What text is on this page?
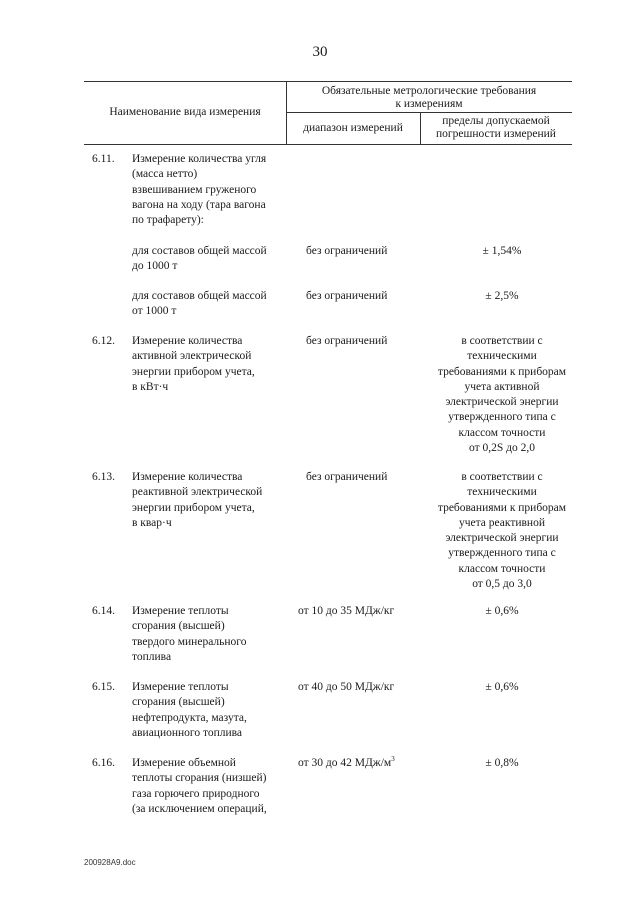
30
Наименование вида измерения
Обязательные метрологические требования
к измерениям
диапазон измерений
пределы допускаемой
погрешности измерений
6.11. Измерение количества угля
(масса нетто)
взвешиванием груженого
вагона на ходу (тара вагона
по трафарету):
для составов общей массой
до 1000 т
без ограничений	± 1,54%
для составов общей массой
от 1000 т
без ограничений	± 2,5%
6.12. Измерение количества
активной электрической
энергии прибором учета,
в кВт·ч
без ограничений	в соответствии с
техническими
требованиями к приборам
учета активной
электрической энергии
утвержденного типа с
классом точности
от 0,2S до 2,0
6.13. Измерение количества
реактивной электрической
энергии прибором учета,
в квар·ч
без ограничений	в соответствии с
техническими
требованиями к приборам
учета реактивной
электрической энергии
утвержденного типа с
классом точности
от 0,5 до 3,0
6.14. Измерение теплоты
сгорания (высшей)
твердого минерального
топлива
от 10 до 35 МДж/кг	± 0,6%
6.15. Измерение теплоты
сгорания (высшей)
нефтепродукта, мазута,
авиационного топлива
от 40 до 50 МДж/кг	± 0,6%
6.16. Измерение объемной
теплоты сгорания (низшей)
газа горючего природного
(за исключением операций,
от 30 до 42 МДж/$м^3$	± 0,8%
200928A9.doc
